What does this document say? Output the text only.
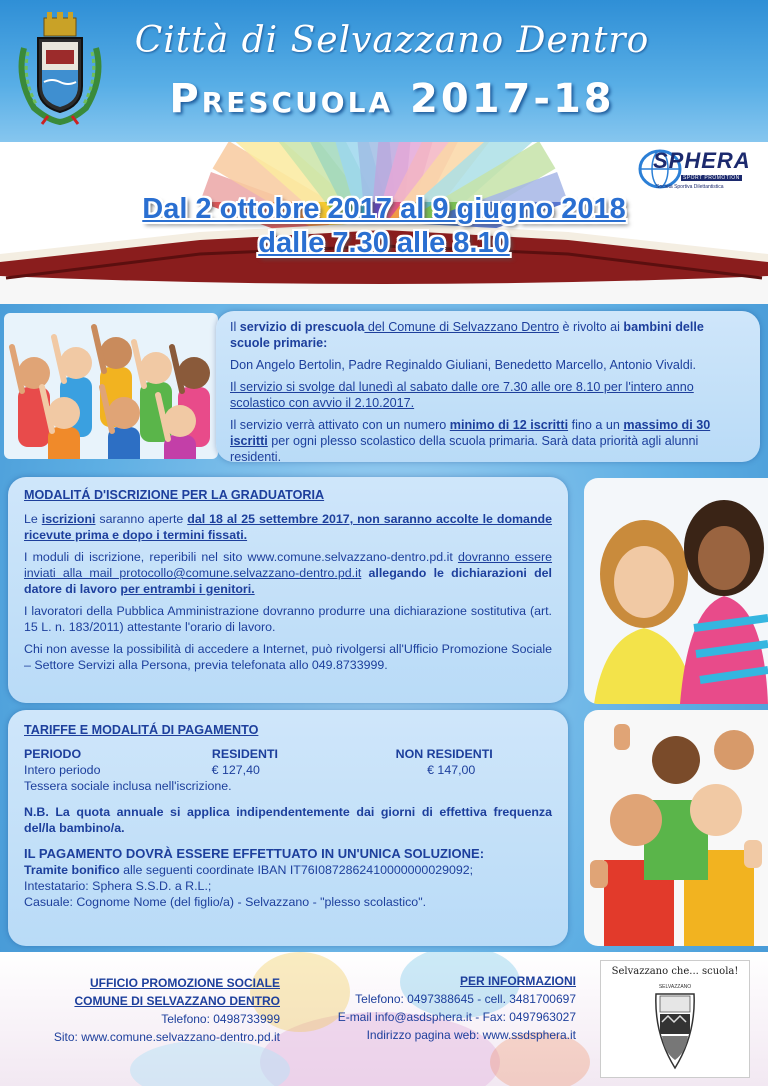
Città di Selvazzano Dentro
Prescuola 2017-18
SPHERA
SPORT PROMOTION
Società Sportiva Dilettantistica
Dal 2 ottobre 2017 al 9 giugno 2018
dalle 7.30 alle 8.10

Il servizio di prescuola del Comune di Selvazzano Dentro è rivolto ai bambini delle scuole primarie:

Don Angelo Bertolin, Padre Reginaldo Giuliani, Benedetto Marcello, Antonio Vivaldi.

Il servizio si svolge dal lunedì al sabato dalle ore 7.30 alle ore 8.10 per l'intero anno scolastico con avvio il 2.10.2017.

Il servizio verrà attivato con un numero minimo di 12 iscritti fino a un massimo di 30 iscritti per ogni plesso scolastico della scuola primaria. Sarà data priorità agli alunni residenti.

MODALITÁ D'ISCRIZIONE PER LA GRADUATORIA

Le iscrizioni saranno aperte dal 18 al 25 settembre 2017, non saranno accolte le domande ricevute prima e dopo i termini fissati.

I moduli di iscrizione, reperibili nel sito www.comune.selvazzano-dentro.pd.it dovranno essere inviati alla mail protocollo@comune.selvazzano-dentro.pd.it allegando le dichiarazioni del datore di lavoro per entrambi i genitori.

I lavoratori della Pubblica Amministrazione dovranno produrre una dichiarazione sostitutiva (art. 15 L. n. 183/2011) attestante l'orario di lavoro.

Chi non avesse la possibilità di accedere a Internet, può rivolgersi all'Ufficio Promozione Sociale – Settore Servizi alla Persona, previa telefonata allo 049.8733999.

TARIFFE E MODALITÁ DI PAGAMENTO
PERIODO	RESIDENTI	NON RESIDENTI
Intero periodo	€ 127,40	€ 147,00

Tessera sociale inclusa nell'iscrizione.

N.B. La quota annuale si applica indipendentemente dai giorni di effettiva frequenza del/la bambino/a.

IL PAGAMENTO DOVRÀ ESSERE EFFETTUATO IN UN'UNICA SOLUZIONE:
Tramite bonifico alle seguenti coordinate IBAN IT76I0872862410000000029092;
Intestatario: Sphera S.S.D. a R.L.;
Casuale: Cognome Nome (del figlio/a) - Selvazzano - "plesso scolastico".
UFFICIO PROMOZIONE SOCIALE
COMUNE DI SELVAZZANO DENTRO
Telefono: 0498733999
Sito: www.comune.selvazzano-dentro.pd.it
PER INFORMAZIONI
Telefono: 0497388645 - cell. 3481700697
E-mail info@asdsphera.it - Fax: 0497963027
Indirizzo pagina web: www.ssdsphera.it
Selvazzano che... scuola!
SELVAZZANO
